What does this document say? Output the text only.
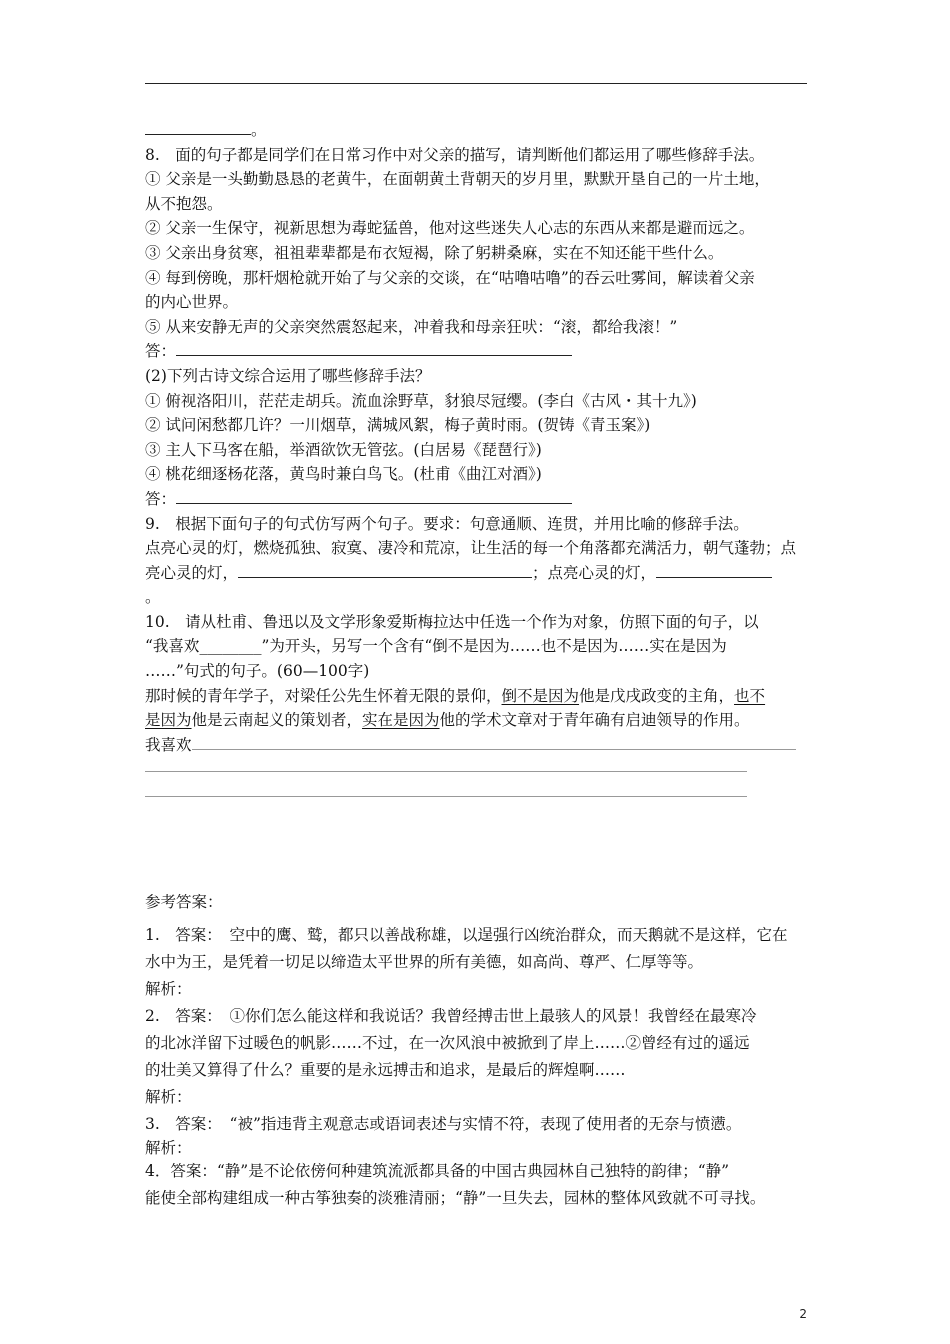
。
8.　面的句子都是同学们在日常习作中对父亲的描写，请判断他们都运用了哪些修辞手法。
① 父亲是一头勤勤恳恳的老黄牛，在面朝黄土背朝天的岁月里，默默开垦自己的一片土地，
从不抱怨。
② 父亲一生保守，视新思想为毒蛇猛兽，他对这些迷失人心志的东西从来都是避而远之。
③ 父亲出身贫寒，祖祖辈辈都是布衣短褐，除了躬耕桑麻，实在不知还能干些什么。
④ 每到傍晚，那杆烟枪就开始了与父亲的交谈，在“咕噜咕噜”的吞云吐雾间，解读着父亲
的内心世界。
⑤ 从来安静无声的父亲突然震怒起来，冲着我和母亲狂吠：“滚，都给我滚！”
答：
(2)下列古诗文综合运用了哪些修辞手法？
① 俯视洛阳川，茫茫走胡兵。流血涂野草，豺狼尽冠缨。(李白《古风・其十九》)
② 试问闲愁都几许？一川烟草，满城风絮，梅子黄时雨。(贺铸《青玉案》)
③ 主人下马客在船，举酒欲饮无管弦。(白居易《琵琶行》)
④ 桃花细逐杨花落，黄鸟时兼白鸟飞。(杜甫《曲江对酒》)
答：
9.　根据下面句子的句式仿写两个句子。要求：句意通顺、连贯，并用比喻的修辞手法。
点亮心灵的灯，燃烧孤独、寂寞、凄冷和荒凉，让生活的每一个角落都充满活力，朝气蓬勃；点
亮心灵的灯，	；点亮心灵的灯，
。
10.　请从杜甫、鲁迅以及文学形象爱斯梅拉达中任选一个作为对象，仿照下面的句子，以
“我喜欢________”为开头，另写一个含有“倒不是因为……也不是因为……实在是因为
……”句式的句子。(60—100字)
那时候的青年学子，对梁任公先生怀着无限的景仰，倒不是因为他是戊戌政变的主角，也不
是因为他是云南起义的策划者，实在是因为他的学术文章对于青年确有启迪领导的作用。
我喜欢
参考答案：
1.　答案：　空中的鹰、鹫，都只以善战称雄，以逞强行凶统治群众，而天鹅就不是这样，它在
水中为王，是凭着一切足以缔造太平世界的所有美德，如高尚、尊严、仁厚等等。
解析：
2.　答案：　①你们怎么能这样和我说话？我曾经搏击世上最骇人的风景！我曾经在最寒冷
的北冰洋留下过暖色的帆影……不过，在一次风浪中被掀到了岸上……②曾经有过的遥远
的壮美又算得了什么？重要的是永远搏击和追求，是最后的辉煌啊……
解析：
3.　答案：　“被”指违背主观意志或语词表述与实情不符，表现了使用者的无奈与愤懑。
解析：
4．答案：“静”是不论依傍何种建筑流派都具备的中国古典园林自己独特的韵律；“静”
能使全部构建组成一种古筝独奏的淡雅清丽；“静”一旦失去，园林的整体风致就不可寻找。
2
